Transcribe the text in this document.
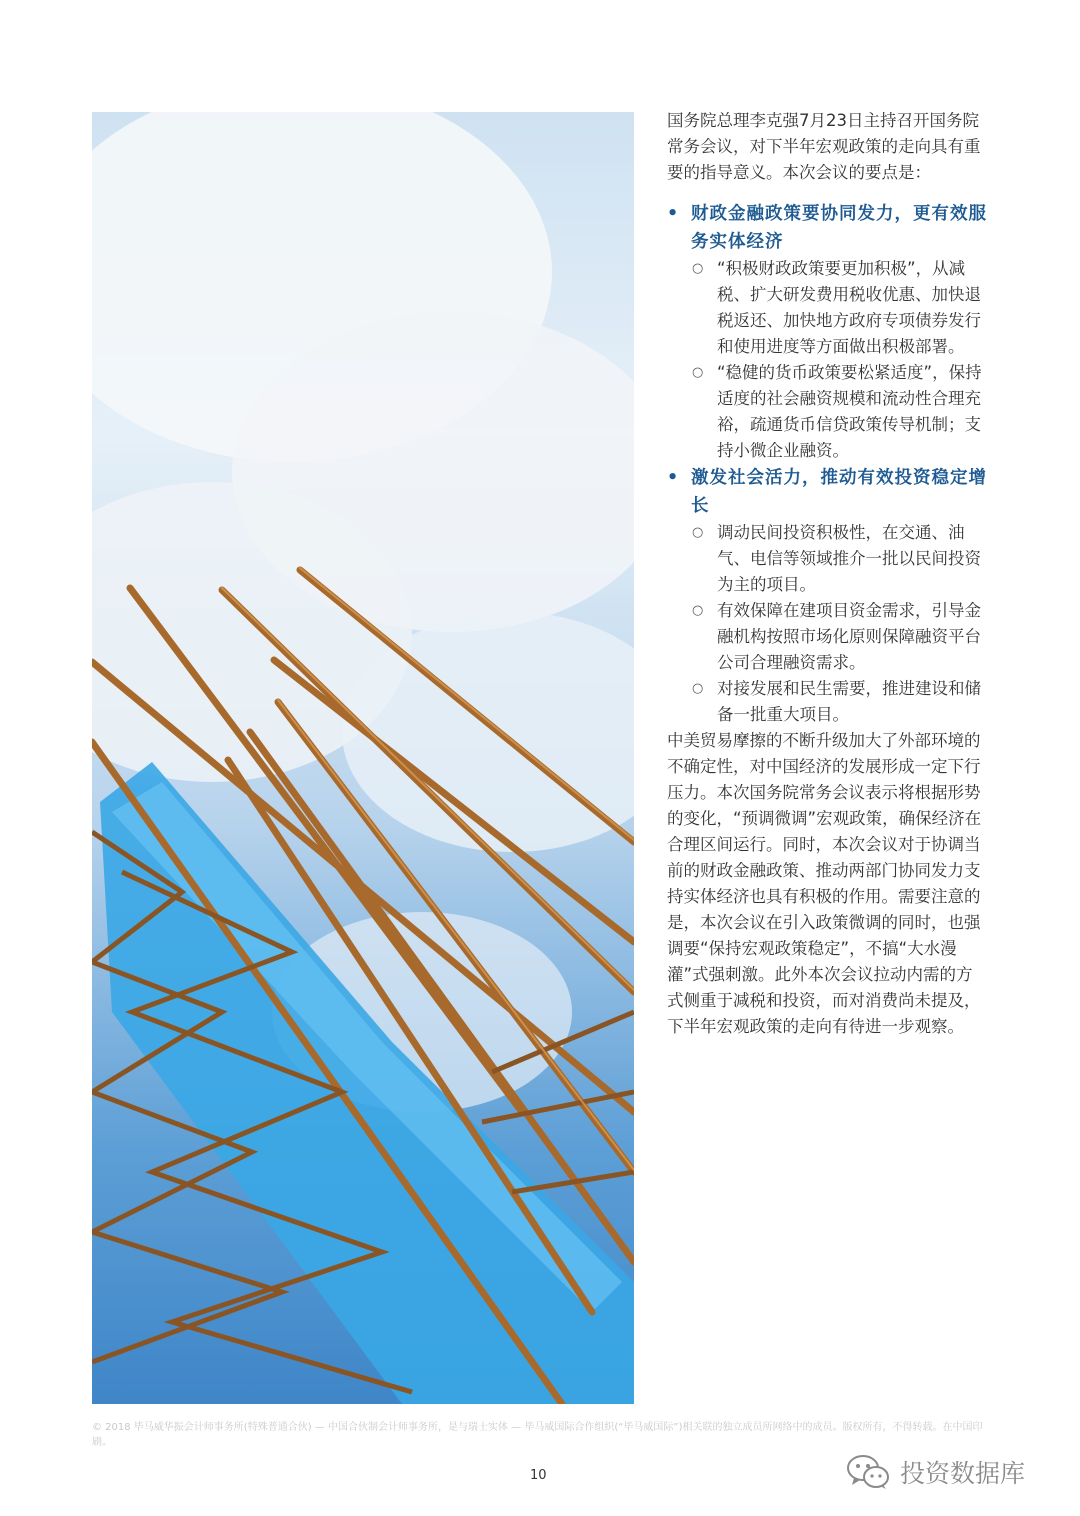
国务院总理李克强7月23日主持召开国务院常务会议，对下半年宏观政策的走向具有重要的指导意义。本次会议的要点是：

• 财政金融政策要协同发力，更有效服务实体经济

○ “积极财政政策要更加积极”，从减税、扩大研发费用税收优惠、加快退税返还、加快地方政府专项债券发行和使用进度等方面做出积极部署。

○ “稳健的货币政策要松紧适度”，保持适度的社会融资规模和流动性合理充裕，疏通货币信贷政策传导机制；支持小微企业融资。

• 激发社会活力，推动有效投资稳定增长

○ 调动民间投资积极性，在交通、油气、电信等领域推介一批以民间投资为主的项目。

○ 有效保障在建项目资金需求，引导金融机构按照市场化原则保障融资平台公司合理融资需求。

○ 对接发展和民生需要，推进建设和储备一批重大项目。

中美贸易摩擦的不断升级加大了外部环境的不确定性，对中国经济的发展形成一定下行压力。本次国务院常务会议表示将根据形势的变化，“预调微调”宏观政策，确保经济在合理区间运行。同时，本次会议对于协调当前的财政金融政策、推动两部门协同发力支持实体经济也具有积极的作用。需要注意的是，本次会议在引入政策微调的同时，也强调要“保持宏观政策稳定”，不搞“大水漫灌”式强刺激。此外本次会议拉动内需的方式侧重于减税和投资，而对消费尚未提及，下半年宏观政策的走向有待进一步观察。

© 2018 毕马威华振会计师事务所(特殊普通合伙) — 中国合伙制会计师事务所，是与瑞士实体 — 毕马威国际合作组织(“毕马威国际”)相关联的独立成员所网络中的成员。版权所有，不得转载。在中国印刷。
10	投资数据库
